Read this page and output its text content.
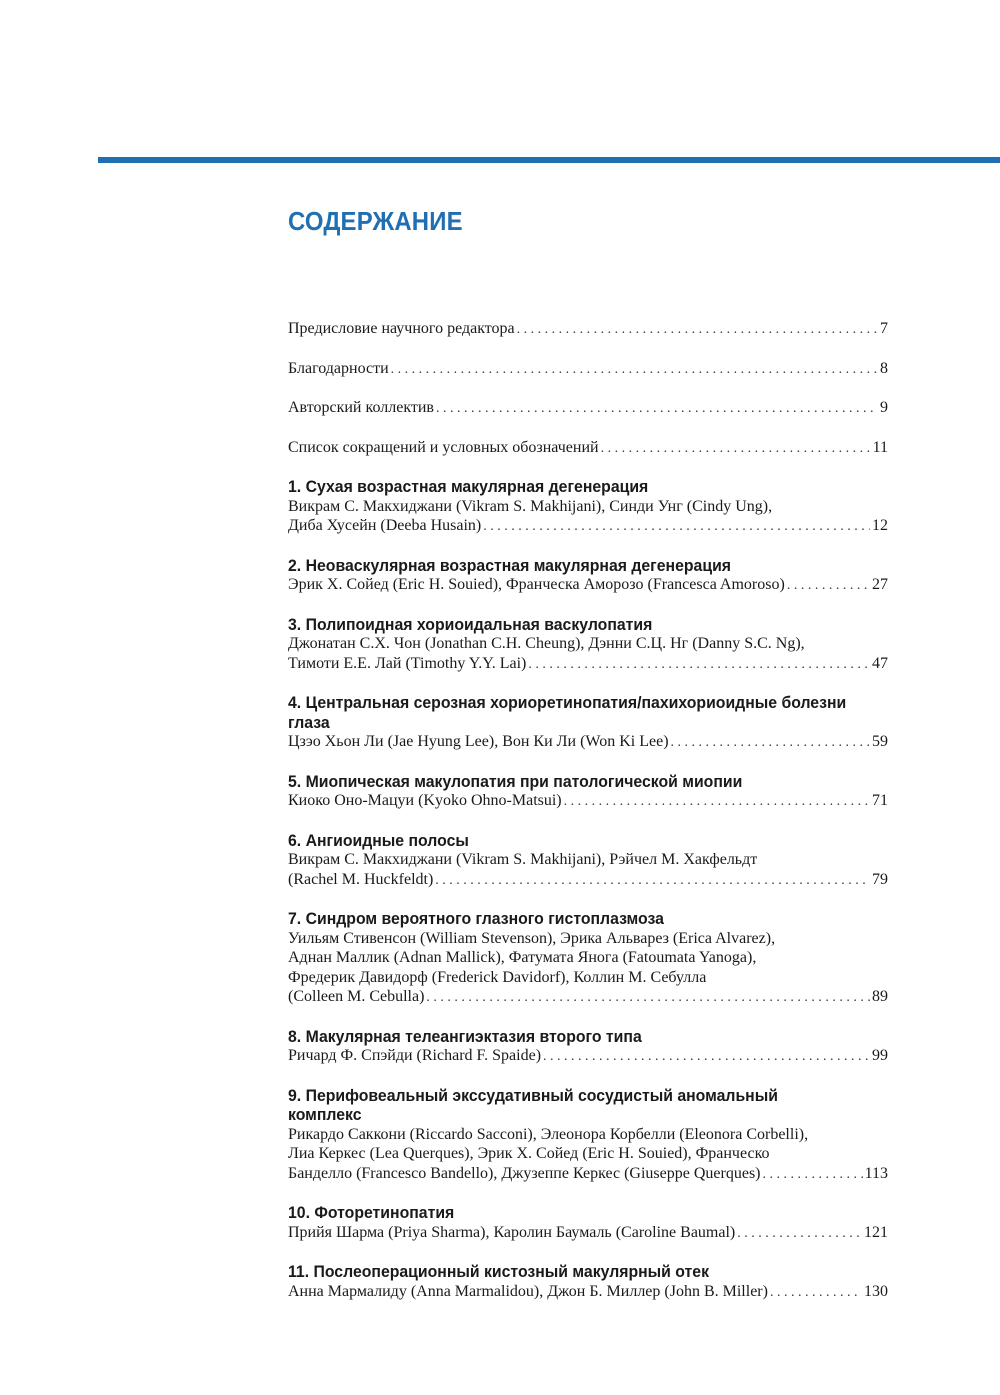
СОДЕРЖАНИЕ
Предисловие научного редактора . . .	7
Благодарности . . .	8
Авторский коллектив . . .	9
Список сокращений и условных обозначений . . .	11
1. Сухая возрастная макулярная дегенерация
Викрам С. Макхиджани (Vikram S. Makhijani), Синди Унг (Cindy Ung),
Диба Хусейн (Deeba Husain) . . .	12
2. Неоваскулярная возрастная макулярная дегенерация
Эрик Х. Сойед (Eric H. Souied), Франческа Аморозо (Francesca Amoroso) . . .	27
3. Полипоидная хориоидальная васкулопатия
Джонатан С.Х. Чон (Jonathan C.H. Cheung), Дэнни С.Ц. Нг (Danny S.C. Ng),
Тимоти Е.Е. Лай (Timothy Y.Y. Lai) . . .	47
4. Центральная серозная хориоретинопатия/пахихориоидные болезни глаза
Цзэо Хьон Ли (Jae Hyung Lee), Вон Ки Ли (Won Ki Lee) . . .	59
5. Миопическая макулопатия при патологической миопии
Киоко Оно-Мацуи (Kyoko Ohno-Matsui) . . .	71
6. Ангиоидные полосы
Викрам С. Макхиджани (Vikram S. Makhijani), Рэйчел М. Хакфельдт
(Rachel M. Huckfeldt) . . .	79
7. Синдром вероятного глазного гистоплазмоза
Уильям Стивенсон (William Stevenson), Эрика Альварез (Erica Alvarez),
Аднан Маллик (Adnan Mallick), Фатумата Янога (Fatoumata Yanoga),
Фредерик Давидорф (Frederick Davidorf), Коллин М. Себулла
(Colleen M. Cebulla) . . .	89
8. Макулярная телеангиэктазия второго типа
Ричард Ф. Спэйди (Richard F. Spaide) . . .	99
9. Перифовеальный экссудативный сосудистый аномальный комплекс
Рикардо Саккони (Riccardo Sacconi), Элеонора Корбелли (Eleonora Corbelli),
Лиа Керкес (Lea Querques), Эрик Х. Сойед (Eric H. Souied), Франческо
Банделло (Francesco Bandello), Джузеппе Керкес (Giuseppe Querques) . . .	113
10. Фоторетинопатия
Прийя Шарма (Priya Sharma), Каролин Баумаль (Caroline Baumal) . . .	121
11. Послеоперационный кистозный макулярный отек
Анна Мармалиду (Anna Marmalidou), Джон Б. Миллер (John B. Miller) . . .	130
